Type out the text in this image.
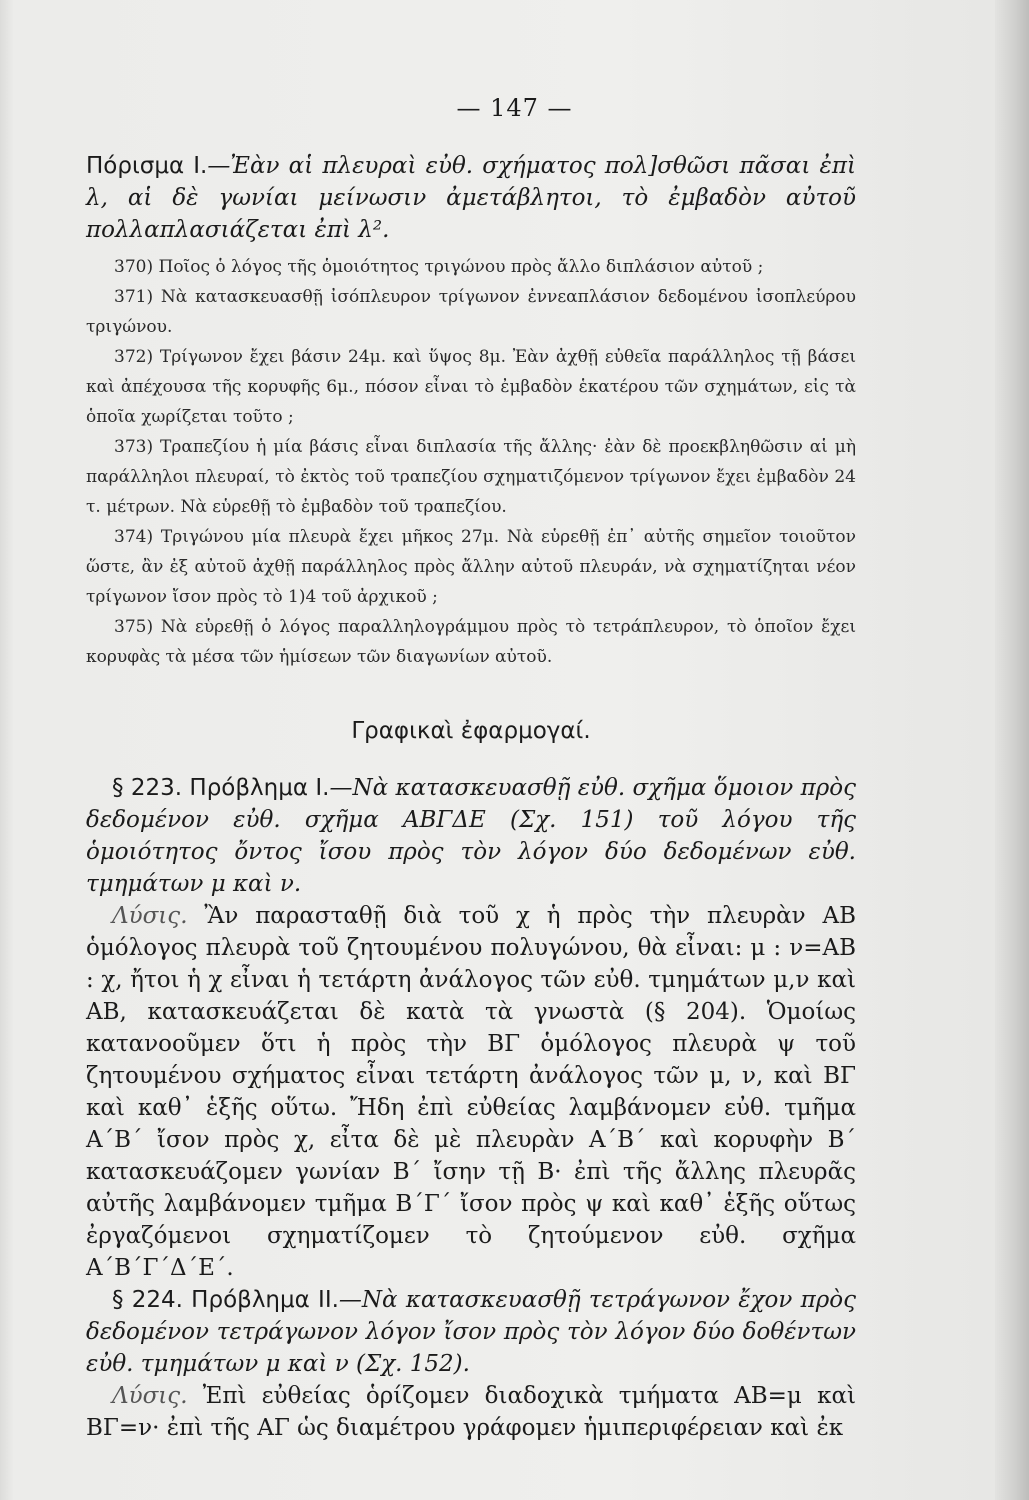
— 147 —

Πόρισμα Ι.—Ἐὰν αἱ πλευραὶ εὐθ. σχήματος πολ]σθῶσι πᾶσαι ἐπὶ λ, αἱ δὲ γωνίαι μείνωσιν ἀμετάβλητοι, τὸ ἐμβαδὸν αὐτοῦ πολλαπλασιάζεται ἐπὶ λ².

370) Ποῖος ὁ λόγος τῆς ὁμοιότητος τριγώνου πρὸς ἄλλο διπλάσιον αὐτοῦ ;

371) Νὰ κατασκευασθῇ ἰσόπλευρον τρίγωνον ἐννεαπλάσιον δεδομένου ἰσοπλεύρου τριγώνου.

372) Τρίγωνον ἔχει βάσιν 24μ. καὶ ὕψος 8μ. Ἐὰν ἀχθῇ εὐθεῖα παράλληλος τῇ βάσει καὶ ἀπέχουσα τῆς κορυφῆς 6μ., πόσον εἶναι τὸ ἐμβαδὸν ἑκατέρου τῶν σχημάτων, εἰς τὰ ὁποῖα χωρίζεται τοῦτο ;

373) Τραπεζίου ἡ μία βάσις εἶναι διπλασία τῆς ἄλλης· ἐὰν δὲ προεκβληθῶσιν αἱ μὴ παράλληλοι πλευραί, τὸ ἐκτὸς τοῦ τραπεζίου σχηματιζόμενον τρίγωνον ἔχει ἐμβαδὸν 24 τ. μέτρων. Νὰ εὑρεθῇ τὸ ἐμβαδὸν τοῦ τραπεζίου.

374) Τριγώνου μία πλευρὰ ἔχει μῆκος 27μ. Νὰ εὑρεθῇ ἐπ᾽ αὐτῆς σημεῖον τοιοῦτον ὥστε, ἂν ἐξ αὐτοῦ ἀχθῇ παράλληλος πρὸς ἄλλην αὐτοῦ πλευράν, νὰ σχηματίζηται νέον τρίγωνον ἴσον πρὸς τὸ 1)4 τοῦ ἀρχικοῦ ;

375) Νὰ εὑρεθῇ ὁ λόγος παραλληλογράμμου πρὸς τὸ τετράπλευρον, τὸ ὁποῖον ἔχει κορυφὰς τὰ μέσα τῶν ἡμίσεων τῶν διαγωνίων αὐτοῦ.

Γραφικαὶ ἐφαρμογαί.

§ 223. Πρόβλημα Ι.—Νὰ κατασκευασθῇ εὐθ. σχῆμα ὅμοιον πρὸς δεδομένον εὐθ. σχῆμα ΑΒΓΔΕ (Σχ. 151) τοῦ λόγου τῆς ὁμοιότητος ὄντος ἴσου πρὸς τὸν λόγον δύο δεδομένων εὐθ. τμημάτων μ καὶ ν.

Λύσις. Ἂν παρασταθῇ διὰ τοῦ χ ἡ πρὸς τὴν πλευρὰν ΑΒ ὁμόλογος πλευρὰ τοῦ ζητουμένου πολυγώνου, θὰ εἶναι: μ : ν=ΑΒ : χ, ἤτοι ἡ χ εἶναι ἡ τετάρτη ἀνάλογος τῶν εὐθ. τμημάτων μ,ν καὶ ΑΒ, κατασκευάζεται δὲ κατὰ τὰ γνωστὰ (§ 204). Ὁμοίως κατανοοῦμεν ὅτι ἡ πρὸς τὴν ΒΓ ὁμόλογος πλευρὰ ψ τοῦ ζητουμένου σχήματος εἶναι τετάρτη ἀνάλογος τῶν μ, ν, καὶ ΒΓ καὶ καθ᾽ ἑξῆς οὕτω. Ἤδη ἐπὶ εὐθείας λαμβάνομεν εὐθ. τμῆμα Α΄Β΄ ἴσον πρὸς χ, εἶτα δὲ μὲ πλευρὰν Α΄Β΄ καὶ κορυφὴν Β΄ κατασκευάζομεν γωνίαν Β΄ ἴσην τῇ Β· ἐπὶ τῆς ἄλλης πλευρᾶς αὐτῆς λαμβάνομεν τμῆμα Β΄Γ΄ ἴσον πρὸς ψ καὶ καθ᾽ ἑξῆς οὕτως ἐργαζόμενοι σχηματίζομεν τὸ ζητούμενον εὐθ. σχῆμα Α΄Β΄Γ΄Δ΄Ε΄.

§ 224. Πρόβλημα ΙΙ.—Νὰ κατασκευασθῇ τετράγωνον ἔχον πρὸς δεδομένον τετράγωνον λόγον ἴσον πρὸς τὸν λόγον δύο δοθέντων εὐθ. τμημάτων μ καὶ ν (Σχ. 152).

Λύσις. Ἐπὶ εὐθείας ὁρίζομεν διαδοχικὰ τμήματα ΑΒ=μ καὶ ΒΓ=ν· ἐπὶ τῆς ΑΓ ὡς διαμέτρου γράφομεν ἡμιπεριφέρειαν καὶ ἐκ
